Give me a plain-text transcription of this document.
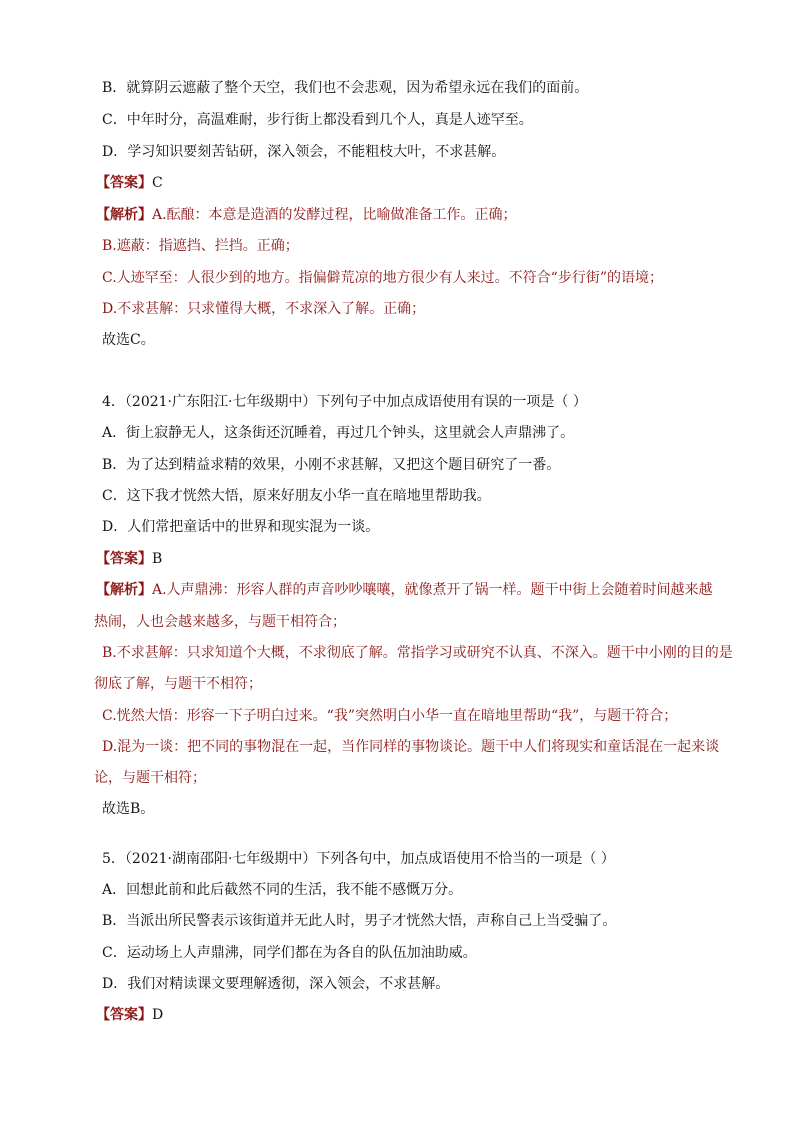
B．就算阴云遮蔽了整个天空，我们也不会悲观，因为希望永远在我们的面前。
C．中年时分，高温难耐，步行街上都没看到几个人，真是人迹罕至。
D．学习知识要刻苦钻研，深入领会，不能粗枝大叶，不求甚解。
【答案】C
【解析】A.酝酿：本意是造酒的发酵过程，比喻做准备工作。正确；
B.遮蔽：指遮挡、拦挡。正确；
C.人迹罕至：人很少到的地方。指偏僻荒凉的地方很少有人来过。不符合“步行街”的语境；
D.不求甚解：只求懂得大概，不求深入了解。正确；
故选C。
4．（2021·广东阳江·七年级期中）下列句子中加点成语使用有误的一项是（ ）
A．街上寂静无人，这条街还沉睡着，再过几个钟头，这里就会人声鼎沸了。
B．为了达到精益求精的效果，小刚不求甚解，又把这个题目研究了一番。
C．这下我才恍然大悟，原来好朋友小华一直在暗地里帮助我。
D．人们常把童话中的世界和现实混为一谈。
【答案】B
【解析】A.人声鼎沸：形容人群的声音吵吵嚷嚷，就像煮开了锅一样。题干中街上会随着时间越来越
热闹，人也会越来越多，与题干相符合；
B.不求甚解：只求知道个大概，不求彻底了解。常指学习或研究不认真、不深入。题干中小刚的目的是
彻底了解，与题干不相符；
C.恍然大悟：形容一下子明白过来。“我”突然明白小华一直在暗地里帮助“我”，与题干符合；
D.混为一谈：把不同的事物混在一起，当作同样的事物谈论。题干中人们将现实和童话混在一起来谈
论，与题干相符；
故选B。
5．（2021·湖南邵阳·七年级期中）下列各句中，加点成语使用不恰当的一项是（ ）
A．回想此前和此后截然不同的生活，我不能不感慨万分。
B．当派出所民警表示该街道并无此人时，男子才恍然大悟，声称自己上当受骗了。
C．运动场上人声鼎沸，同学们都在为各自的队伍加油助威。
D．我们对精读课文要理解透彻，深入领会，不求甚解。
【答案】D
